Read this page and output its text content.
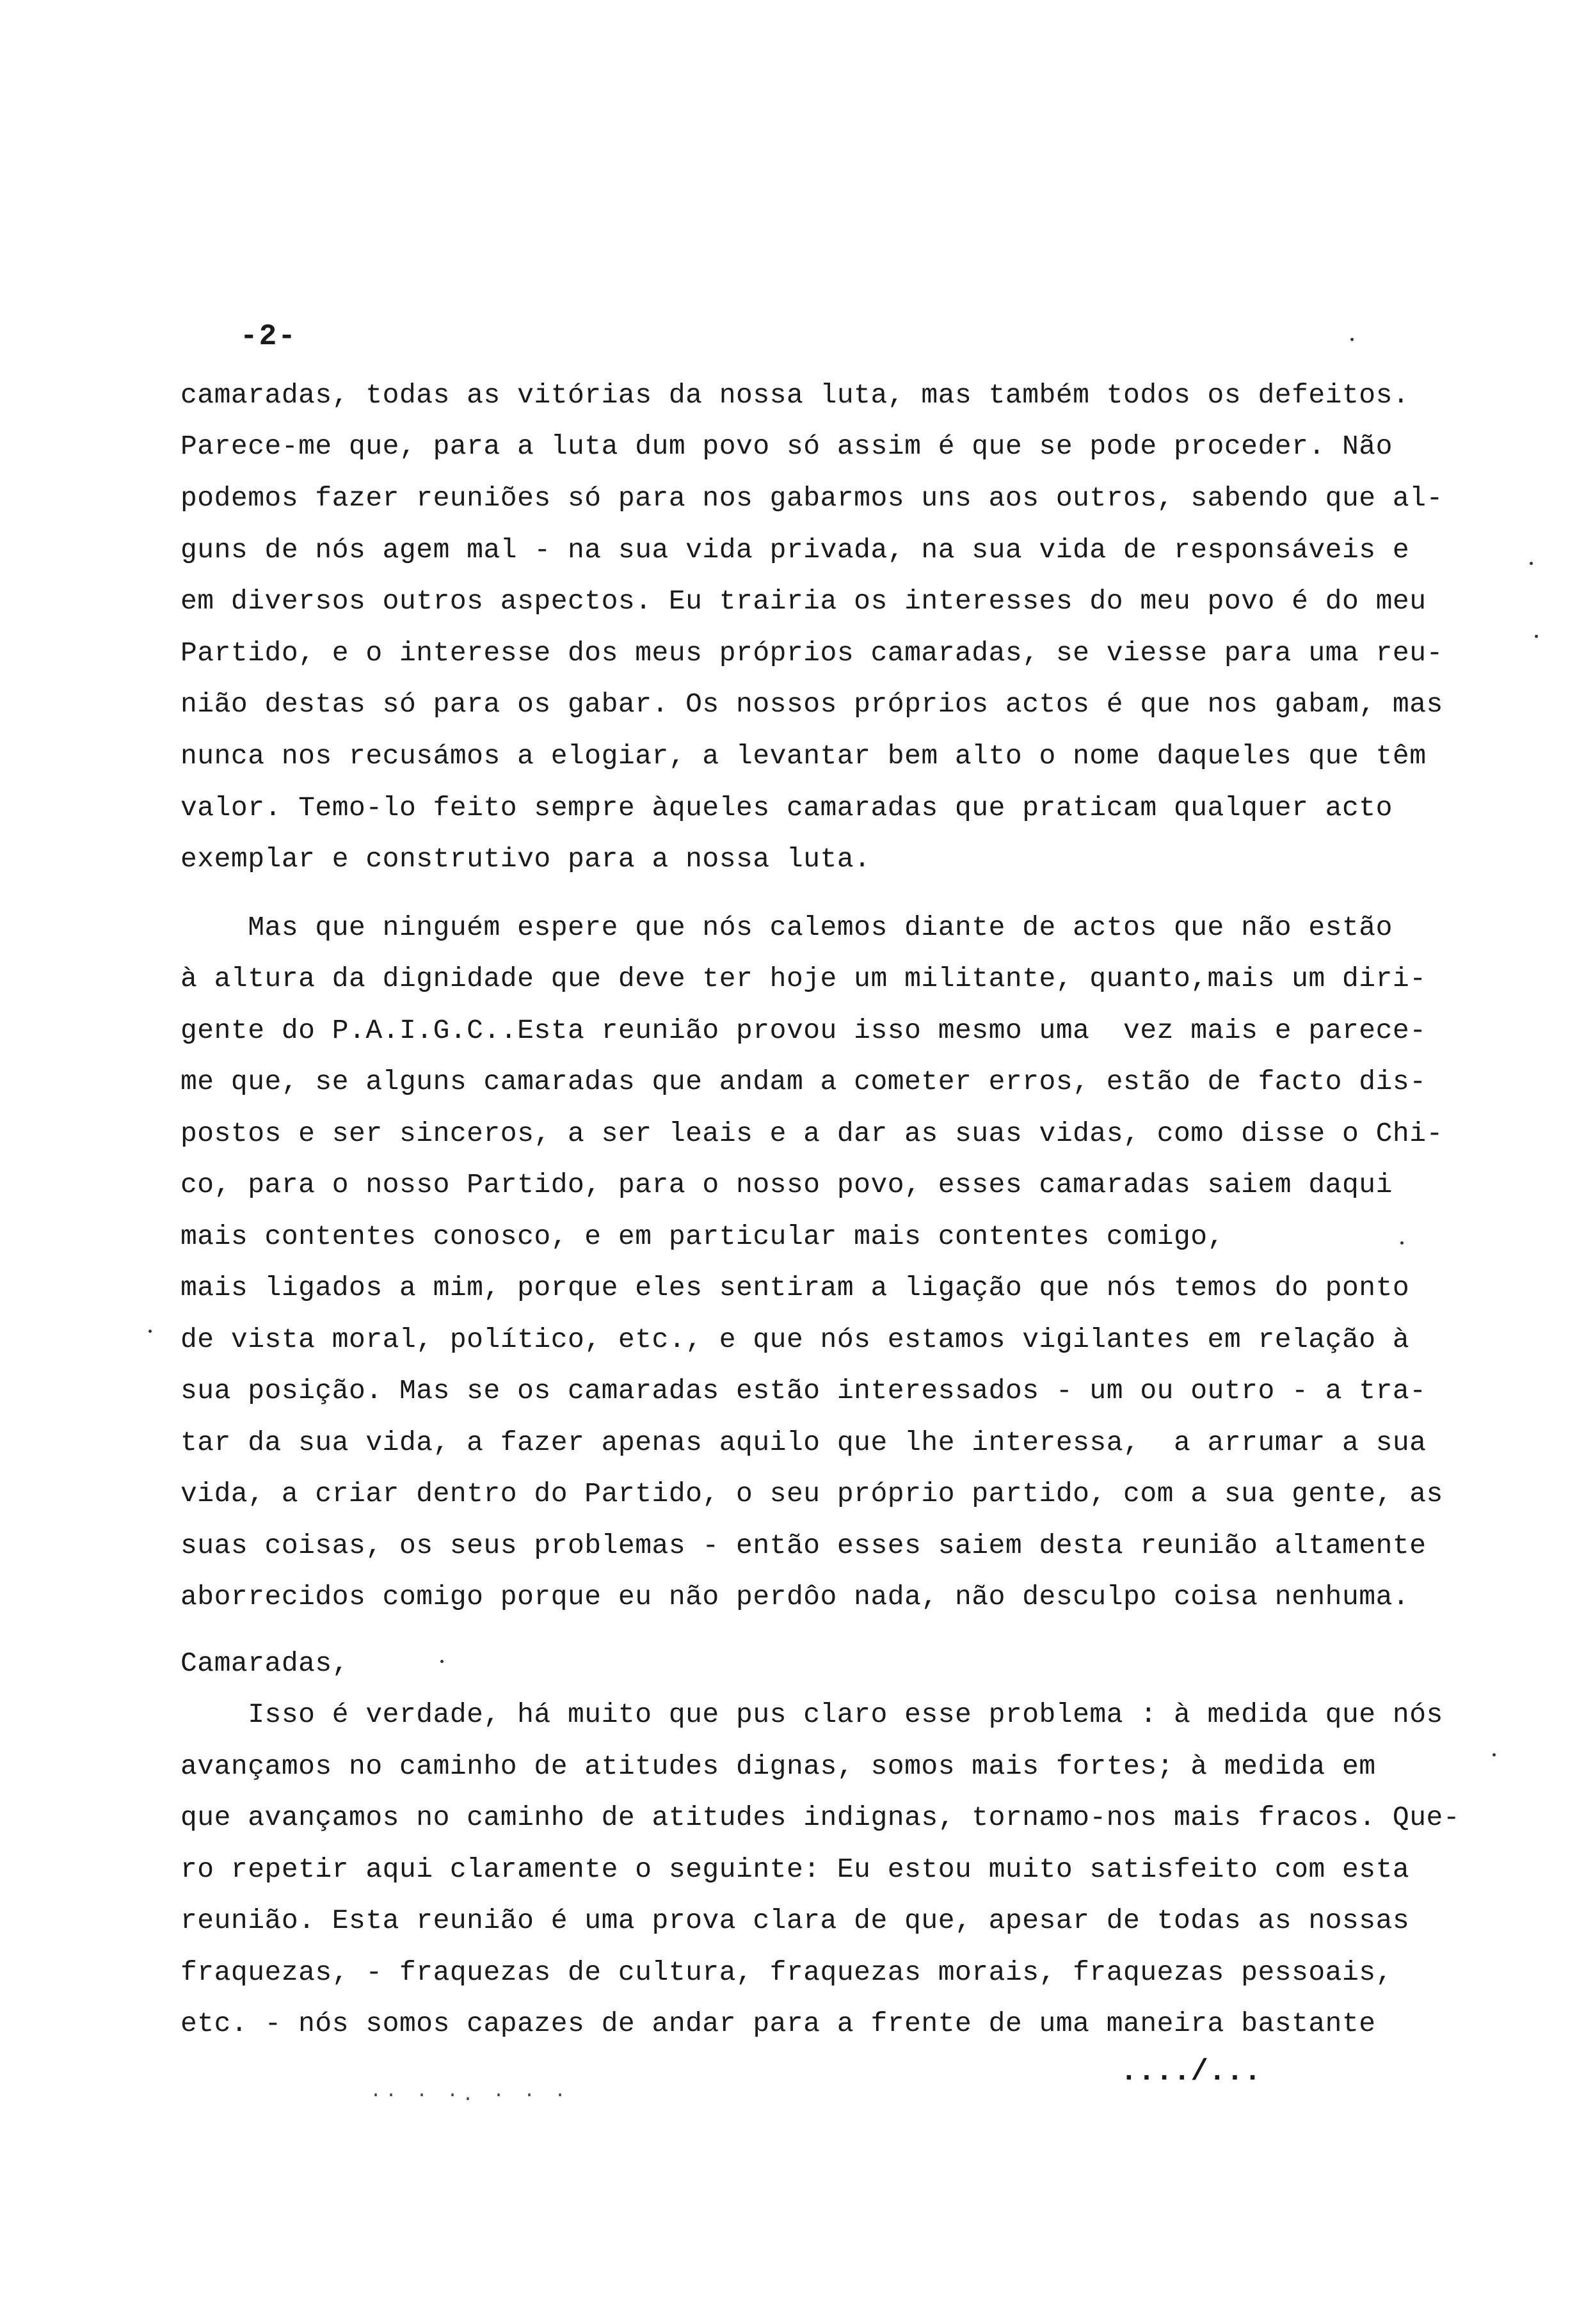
-2-
camaradas, todas as vitórias da nossa luta, mas também todos os defeitos.
Parece-me que, para a luta dum povo só assim é que se pode proceder. Não
podemos fazer reuniões só para nos gabarmos uns aos outros, sabendo que al-
guns de nós agem mal - na sua vida privada, na sua vida de responsáveis e
em diversos outros aspectos. Eu trairia os interesses do meu povo é do meu
Partido, e o interesse dos meus próprios camaradas, se viesse para uma reu-
nião destas só para os gabar. Os nossos próprios actos é que nos gabam, mas
nunca nos recusámos a elogiar, a levantar bem alto o nome daqueles que têm
valor. Temo-lo feito sempre àqueles camaradas que praticam qualquer acto
exemplar e construtivo para a nossa luta.
Mas que ninguém espere que nós calemos diante de actos que não estão
à altura da dignidade que deve ter hoje um militante, quanto,mais um diri-
gente do P.A.I.G.C..Esta reunião provou isso mesmo uma  vez mais e parece-
me que, se alguns camaradas que andam a cometer erros, estão de facto dis-
postos e ser sinceros, a ser leais e a dar as suas vidas, como disse o Chi-
co, para o nosso Partido, para o nosso povo, esses camaradas saiem daqui
mais contentes conosco, e em particular mais contentes comigo,
mais ligados a mim, porque eles sentiram a ligação que nós temos do ponto
de vista moral, político, etc., e que nós estamos vigilantes em relação à
sua posição. Mas se os camaradas estão interessados - um ou outro - a tra-
tar da sua vida, a fazer apenas aquilo que lhe interessa,  a arrumar a sua
vida, a criar dentro do Partido, o seu próprio partido, com a sua gente, as
suas coisas, os seus problemas - então esses saiem desta reunião altamente
aborrecidos comigo porque eu não perdôo nada, não desculpo coisa nenhuma.
Camaradas,
Isso é verdade, há muito que pus claro esse problema : à medida que nós
avançamos no caminho de atitudes dignas, somos mais fortes; à medida em
que avançamos no caminho de atitudes indignas, tornamo-nos mais fracos. Que-
ro repetir aqui claramente o seguinte: Eu estou muito satisfeito com esta
reunião. Esta reunião é uma prova clara de que, apesar de todas as nossas
fraquezas, - fraquezas de cultura, fraquezas morais, fraquezas pessoais,
etc. - nós somos capazes de andar para a frente de uma maneira bastante
..../...
·· · ·. · · ·
